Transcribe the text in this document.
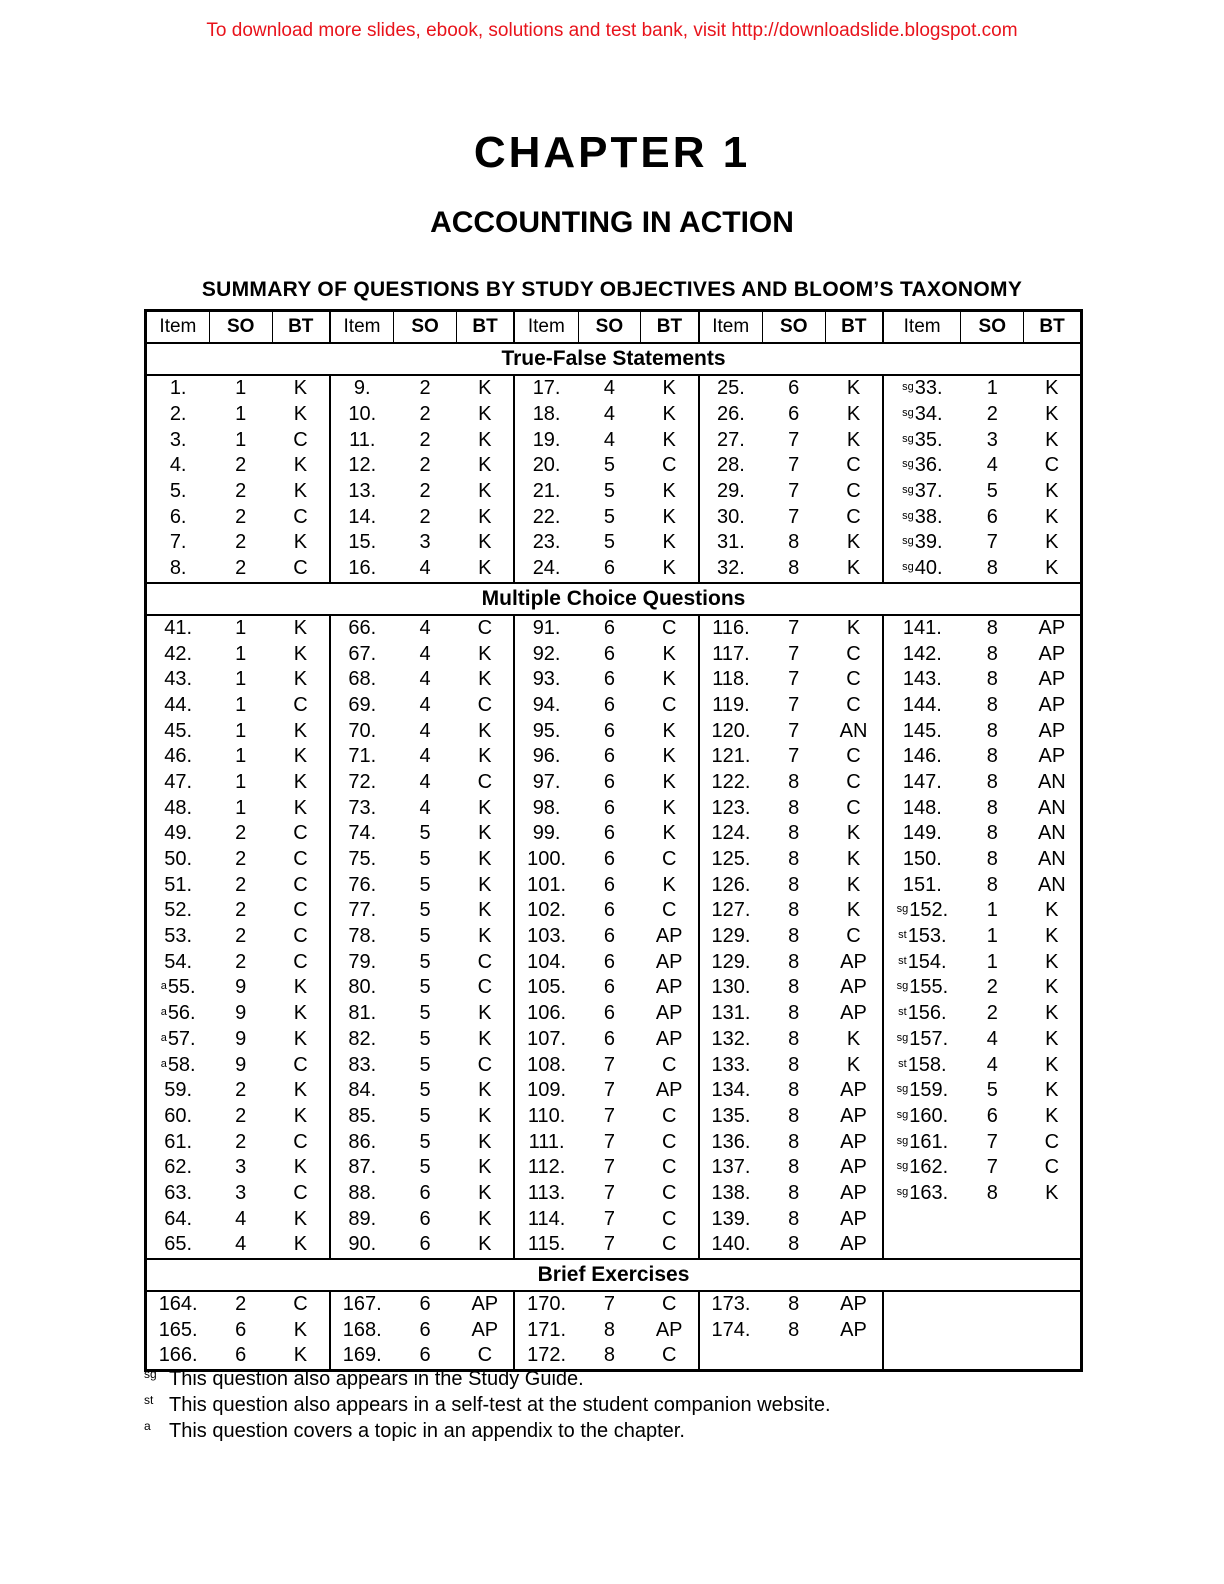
To download more slides, ebook, solutions and test bank, visit http://downloadslide.blogspot.com
CHAPTER 1
ACCOUNTING IN ACTION
SUMMARY OF QUESTIONS BY STUDY OBJECTIVES AND BLOOM’S TAXONOMY
Item	SO	BT	Item	SO	BT	Item	SO	BT	Item	SO	BT	Item	SO	BT
True-False Statements														
1.	1	K	9.	2	K	17.	4	K	25.	6	K	$^{sg}$33.	1	K
2.	1	K	10.	2	K	18.	4	K	26.	6	K	$^{sg}$34.	2	K
3.	1	C	11.	2	K	19.	4	K	27.	7	K	$^{sg}$35.	3	K
4.	2	K	12.	2	K	20.	5	C	28.	7	C	$^{sg}$36.	4	C
5.	2	K	13.	2	K	21.	5	K	29.	7	C	$^{sg}$37.	5	K
6.	2	C	14.	2	K	22.	5	K	30.	7	C	$^{sg}$38.	6	K
7.	2	K	15.	3	K	23.	5	K	31.	8	K	$^{sg}$39.	7	K
8.	2	C	16.	4	K	24.	6	K	32.	8	K	$^{sg}$40.	8	K
Multiple Choice Questions														
41.	1	K	66.	4	C	91.	6	C	116.	7	K	141.	8	AP
42.	1	K	67.	4	K	92.	6	K	117.	7	C	142.	8	AP
43.	1	K	68.	4	K	93.	6	K	118.	7	C	143.	8	AP
44.	1	C	69.	4	C	94.	6	C	119.	7	C	144.	8	AP
45.	1	K	70.	4	K	95.	6	K	120.	7	AN	145.	8	AP
46.	1	K	71.	4	K	96.	6	K	121.	7	C	146.	8	AP
47.	1	K	72.	4	C	97.	6	K	122.	8	C	147.	8	AN
48.	1	K	73.	4	K	98.	6	K	123.	8	C	148.	8	AN
49.	2	C	74.	5	K	99.	6	K	124.	8	K	149.	8	AN
50.	2	C	75.	5	K	100.	6	C	125.	8	K	150.	8	AN
51.	2	C	76.	5	K	101.	6	K	126.	8	K	151.	8	AN
52.	2	C	77.	5	K	102.	6	C	127.	8	K	$^{sg}$152.	1	K
53.	2	C	78.	5	K	103.	6	AP	129.	8	C	$^{st}$153.	1	K
54.	2	C	79.	5	C	104.	6	AP	129.	8	AP	$^{st}$154.	1	K
$^a$55.	9	K	80.	5	C	105.	6	AP	130.	8	AP	$^{sg}$155.	2	K
$^a$56.	9	K	81.	5	K	106.	6	AP	131.	8	AP	$^{st}$156.	2	K
$^a$57.	9	K	82.	5	K	107.	6	AP	132.	8	K	$^{sg}$157.	4	K
$^a$58.	9	C	83.	5	C	108.	7	C	133.	8	K	$^{st}$158.	4	K
59.	2	K	84.	5	K	109.	7	AP	134.	8	AP	$^{sg}$159.	5	K
60.	2	K	85.	5	K	110.	7	C	135.	8	AP	$^{sg}$160.	6	K
61.	2	C	86.	5	K	111.	7	C	136.	8	AP	$^{sg}$161.	7	C
62.	3	K	87.	5	K	112.	7	C	137.	8	AP	$^{sg}$162.	7	C
63.	3	C	88.	6	K	113.	7	C	138.	8	AP	$^{sg}$163.	8	K
64.	4	K	89.	6	K	114.	7	C	139.	8	AP			
65.	4	K	90.	6	K	115.	7	C	140.	8	AP			
Brief Exercises														
164.	2	C	167.	6	AP	170.	7	C	173.	8	AP			
165.	6	K	168.	6	AP	171.	8	AP	174.	8	AP			
166.	6	K	169.	6	C	172.	8	C						
sg This question also appears in the Study Guide.
st This question also appears in a self-test at the student companion website.
a This question covers a topic in an appendix to the chapter.
